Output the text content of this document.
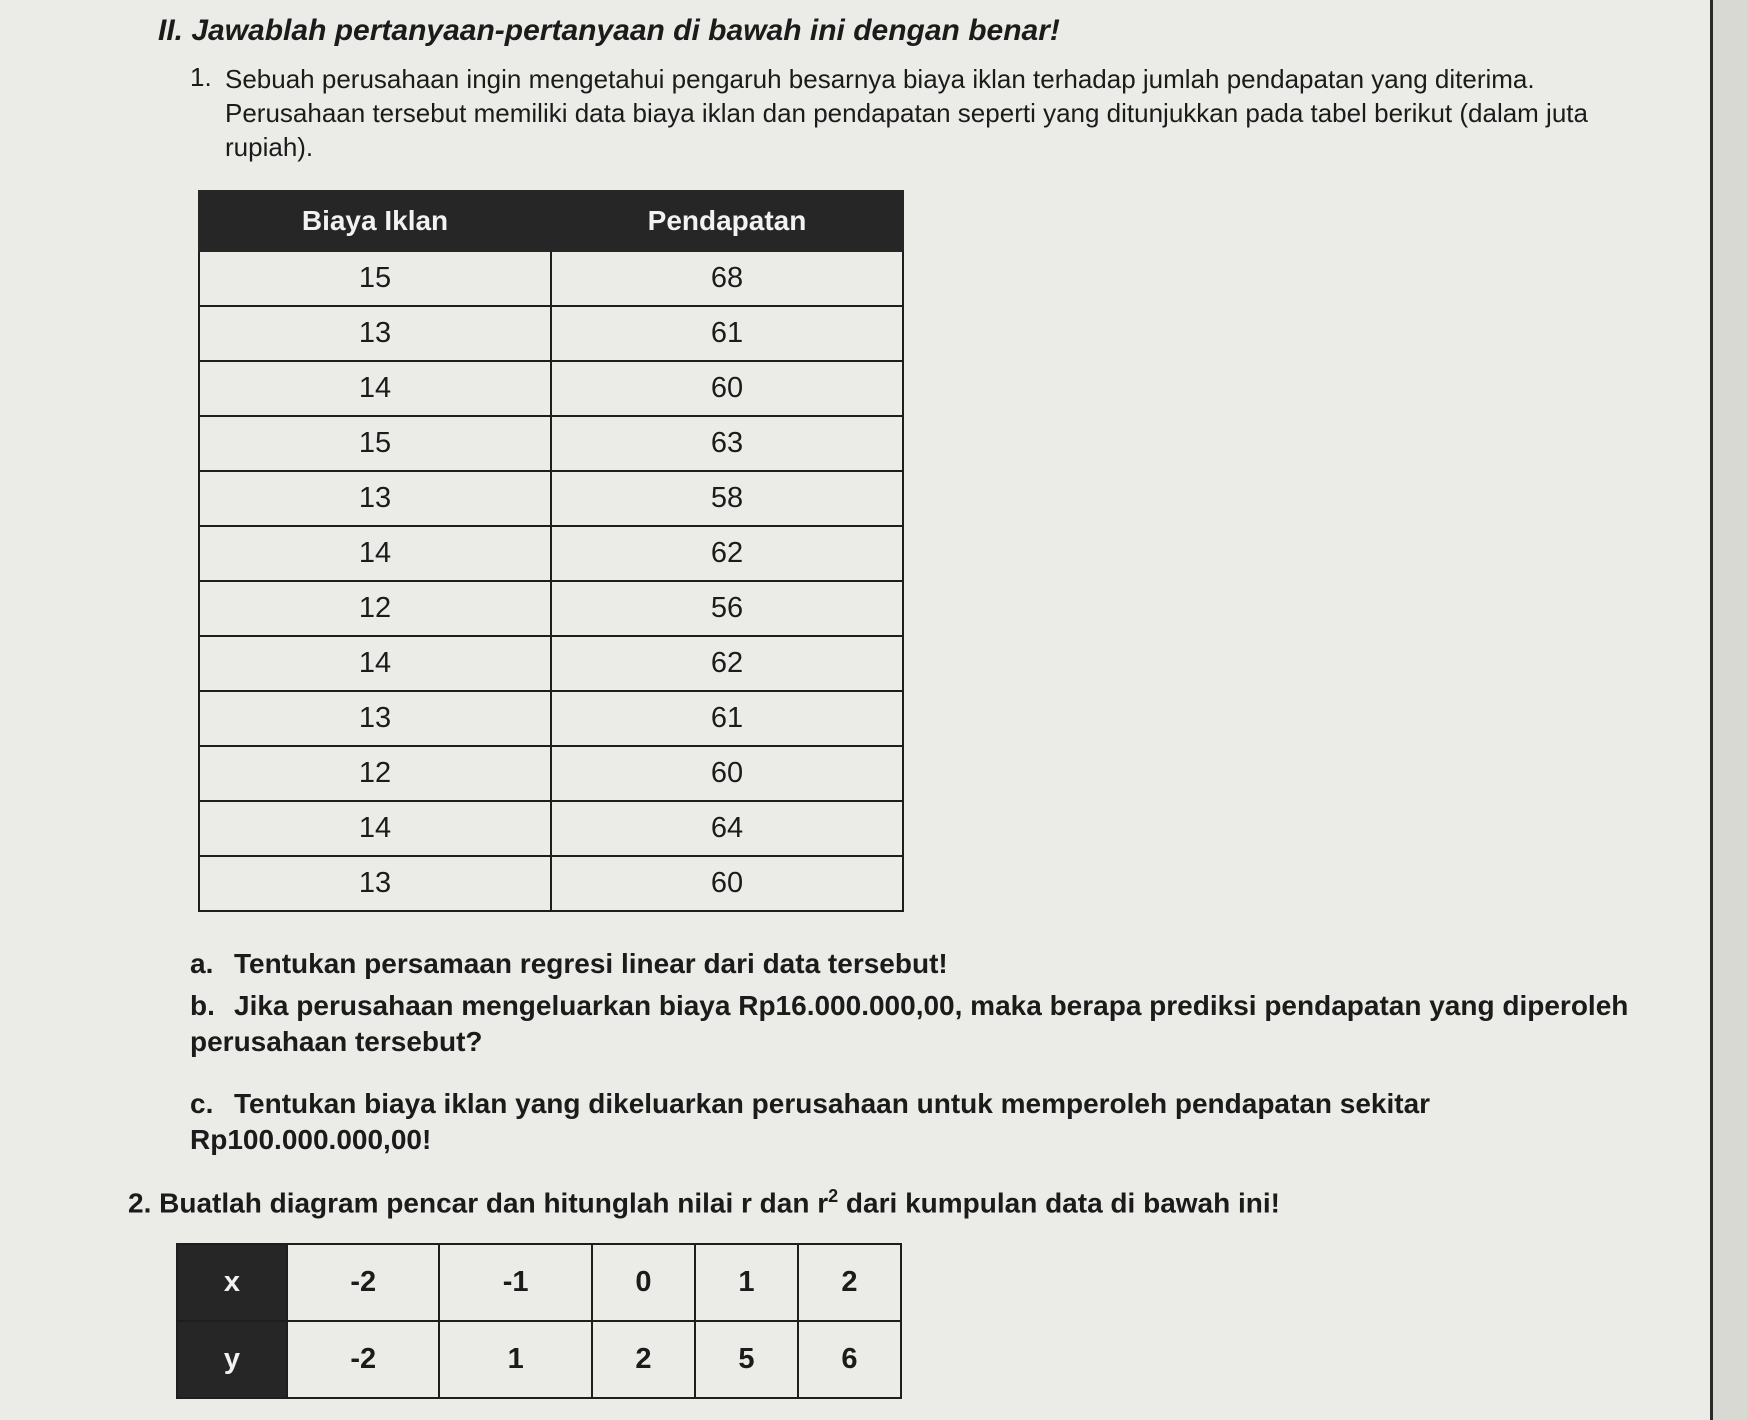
II. Jawablah pertanyaan-pertanyaan di bawah ini dengan benar!
1. Sebuah perusahaan ingin mengetahui pengaruh besarnya biaya iklan terhadap jumlah pendapatan yang diterima. Perusahaan tersebut memiliki data biaya iklan dan pendapatan seperti yang ditunjukkan pada tabel berikut (dalam juta rupiah).
Biaya Iklan	Pendapatan
15	68
13	61
14	60
15	63
13	58
14	62
12	56
14	62
13	61
12	60
14	64
13	60
a. Tentukan persamaan regresi linear dari data tersebut!
b. Jika perusahaan mengeluarkan biaya Rp16.000.000,00, maka berapa prediksi pendapatan yang diperoleh perusahaan tersebut?
c. Tentukan biaya iklan yang dikeluarkan perusahaan untuk memperoleh pendapatan sekitar Rp100.000.000,00!
2. Buatlah diagram pencar dan hitunglah nilai r dan $r^2$ dari kumpulan data di bawah ini!
x	-2	-1	0	1	2
y	-2	1	2	5	6
